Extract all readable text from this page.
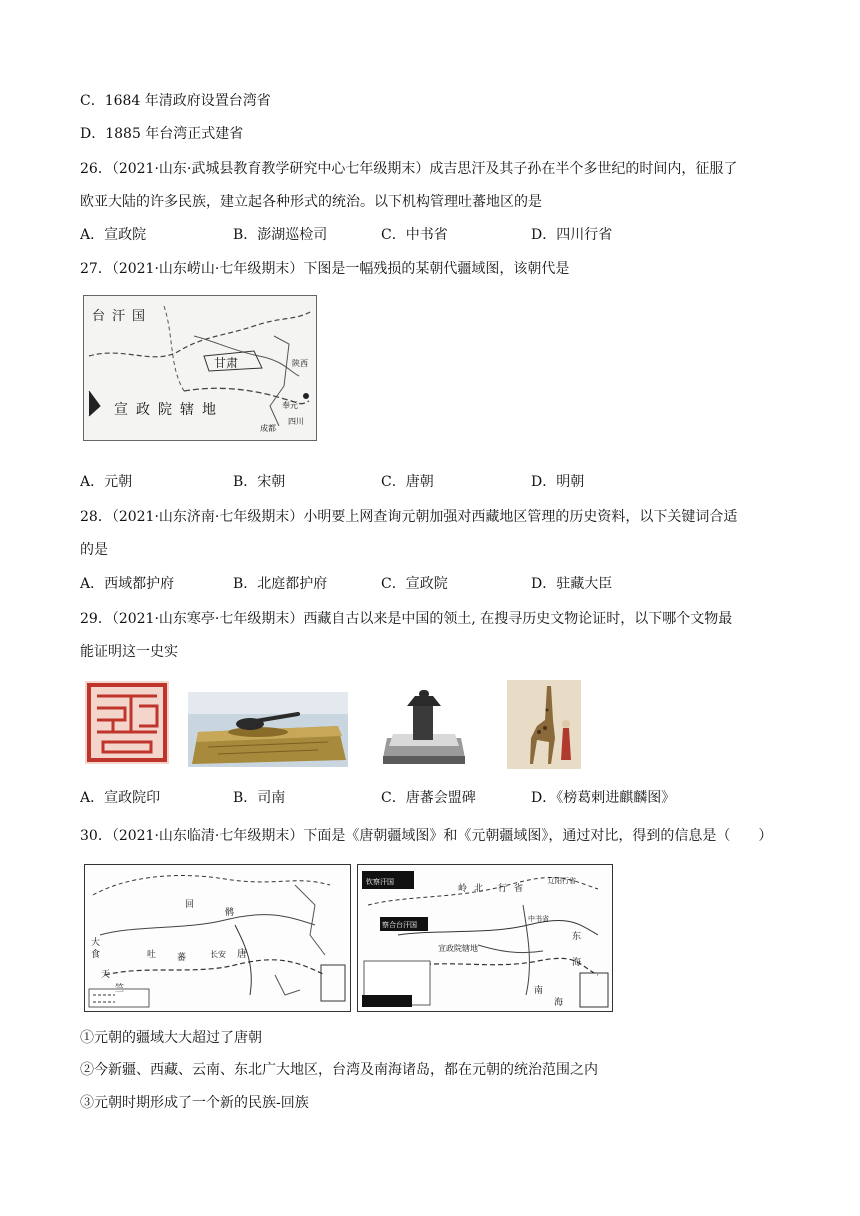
C．1684 年清政府设置台湾省
D．1885 年台湾正式建省
26．（2021·山东·武城县教育教学研究中心七年级期末）成吉思汗及其子孙在半个多世纪的时间内，征服了
欧亚大陆的许多民族，建立起各种形式的统治。以下机构管理吐蕃地区的是
A．宣政院	B．澎湖巡检司	C．中书省	D．四川行省
27．（2021·山东崂山·七年级期末）下图是一幅残损的某朝代疆域图，该朝代是
台 汗 国
甘肃
宣 政 院 辖 地
陕西
奉元
四川
成都
A．元朝	B．宋朝	C．唐朝	D．明朝
28．（2021·山东济南·七年级期末）小明要上网查询元朝加强对西藏地区管理的历史资料，以下关键词合适
的是
A．西域都护府	B．北庭都护府	C．宣政院	D．驻藏大臣
29．（2021·山东寒亭·七年级期末）西藏自古以来是中国的领土, 在搜寻历史文物论证时，以下哪个文物最
能证明这一史实
A．宣政院印	B．司南	C．唐蕃会盟碑	D．《榜葛剌进麒麟图》
30．（2021·山东临清·七年级期末）下面是《唐朝疆域图》和《元朝疆域图》，通过对比，得到的信息是（　　）
回
鹘
大
食	吐 蕃
天
竺
长安 唐
钦察汗国
岭 北 行 省
辽阳行省
察合台汗国
中书省
宣政院辖地
东
海
南
海
①元朝的疆域大大超过了唐朝
②今新疆、西藏、云南、东北广大地区，台湾及南海诸岛，都在元朝的统治范围之内
③元朝时期形成了一个新的民族-回族
